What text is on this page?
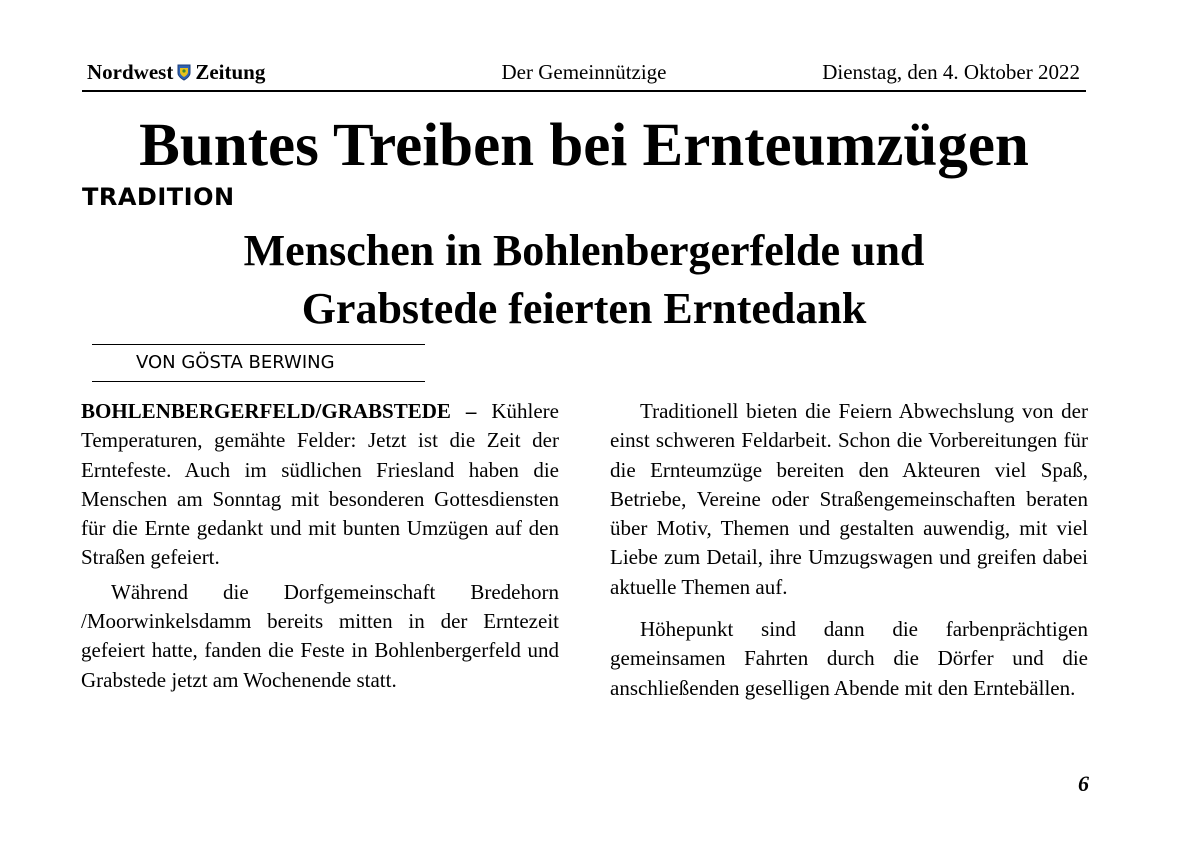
Nordwest Zeitung	Der Gemeinnützige	Dienstag, den 4. Oktober 2022
Buntes Treiben bei Ernteumzügen
TRADITION
Menschen in Bohlenbergerfelde und
Grabstede feierten Erntedank
VON GÖSTA BERWING

BOHLENBERGERFELD/GRABSTEDE – Kühlere Temperaturen, gemähte Felder: Jetzt ist die Zeit der Erntefeste. Auch im südlichen Friesland haben die Menschen am Sonntag mit besonderen Gottesdiensten für die Ernte gedankt und mit bunten Umzügen auf den Straßen gefeiert.

Während die Dorfgemeinschaft Bredehorn /Moorwinkelsdamm bereits mitten in der Erntezeit gefeiert hatte, fanden die Feste in Bohlenbergerfeld und Grabstede jetzt am Wochenende statt.

Traditionell bieten die Feiern Abwechslung von der einst schweren Feldarbeit. Schon die Vorbereitungen für die Ernteumzüge bereiten den Akteuren viel Spaß, Betriebe, Vereine oder Straßengemeinschaften beraten über Motiv, Themen und gestalten auwendig, mit viel Liebe zum Detail, ihre Umzugswagen und greifen dabei aktuelle Themen auf.

Höhepunkt sind dann die farbenprächtigen gemeinsamen Fahrten durch die Dörfer und die anschließenden geselligen Abende mit den Erntebällen.

6
